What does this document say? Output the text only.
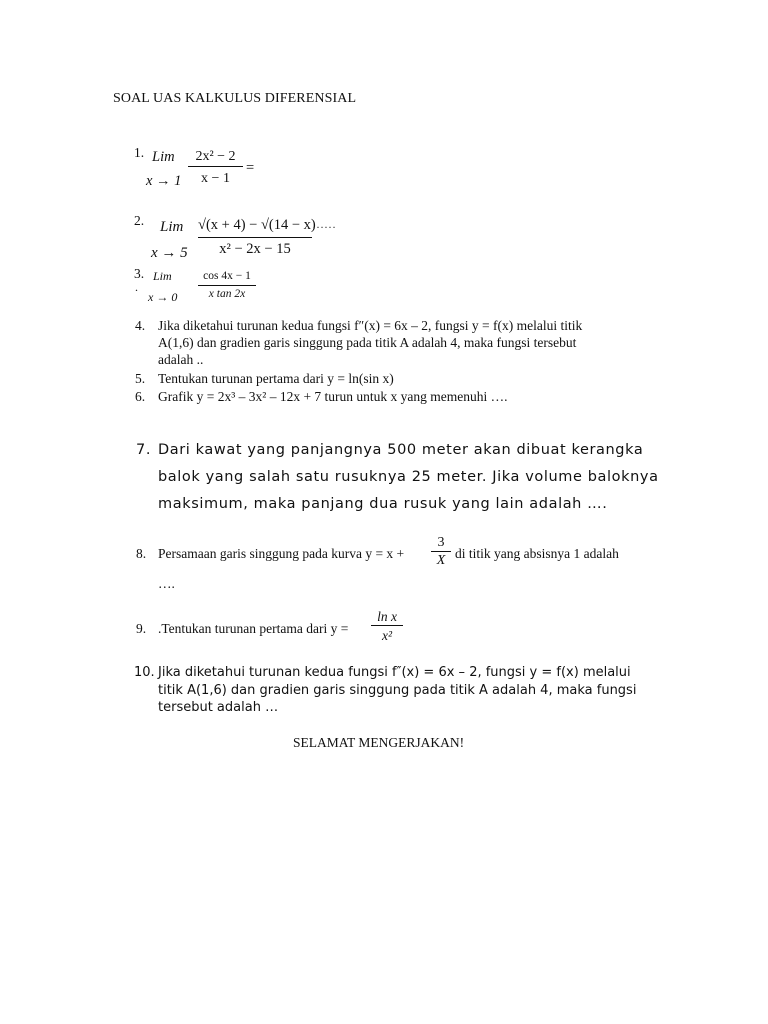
SOAL UAS KALKULUS DIFERENSIAL
1. Lim
x → 1
2x² − 2
x − 1
=
2. Lim
x → 5
√(x + 4) − √(14 − x)
x² − 2x − 15
……
3.
.
Lim
x → 0
cos 4x − 1
x tan 2x
4. Jika diketahui turunan kedua fungsi f″(x) = 6x – 2, fungsi y = f(x) melalui titik
A(1,6) dan gradien garis singgung pada titik A adalah 4, maka fungsi tersebut
adalah ..
5. Tentukan turunan pertama dari y = ln(sin x)
6. Grafik y = 2x³ – 3x² – 12x + 7 turun untuk x yang memenuhi ….
7. Dari kawat yang panjangnya 500 meter akan dibuat kerangka
balok yang salah satu rusuknya 25 meter. Jika volume baloknya
maksimum, maka panjang dua rusuk yang lain adalah ….
8. Persamaan garis singgung pada kurva y = x +
3
X di titik yang absisnya 1 adalah
….
9. .Tentukan turunan pertama dari y =
ln x
x²
10. Jika diketahui turunan kedua fungsi f″(x) = 6x – 2, fungsi y = f(x) melalui
titik A(1,6) dan gradien garis singgung pada titik A adalah 4, maka fungsi
tersebut adalah …
SELAMAT MENGERJAKAN!
